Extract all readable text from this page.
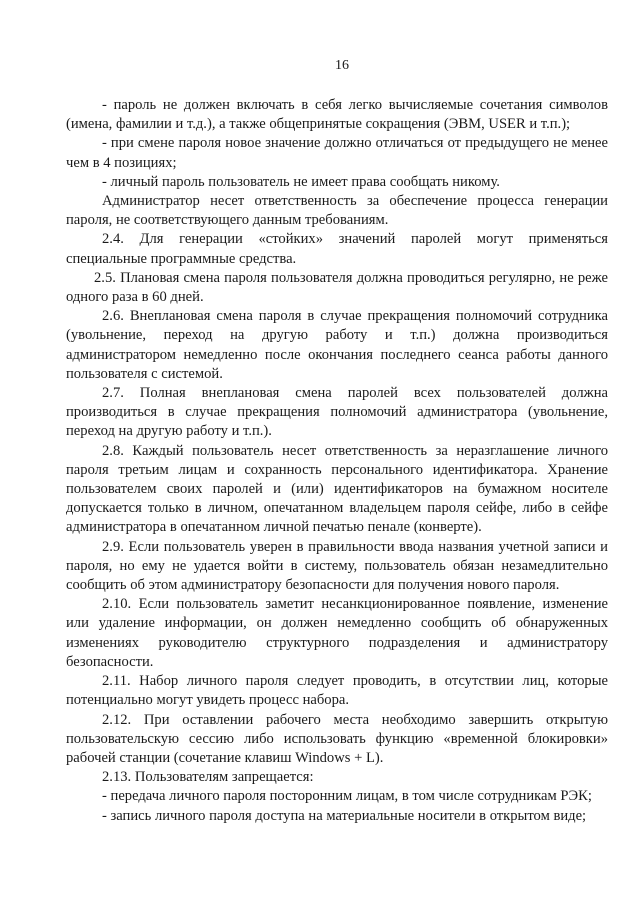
16

- пароль не должен включать в себя легко вычисляемые сочетания символов (имена, фамилии и т.д.), а также общепринятые сокращения (ЭВМ, USER и т.п.);

- при смене пароля новое значение должно отличаться от предыдущего не менее чем в 4 позициях;

- личный пароль пользователь не имеет права сообщать никому.

Администратор несет ответственность за обеспечение процесса генерации пароля, не соответствующего данным требованиям.

2.4. Для генерации «стойких» значений паролей могут применяться специальные программные средства.

2.5. Плановая смена пароля пользователя должна проводиться регулярно, не реже одного раза в 60 дней.

2.6. Внеплановая смена пароля в случае прекращения полномочий сотрудника (увольнение, переход на другую работу и т.п.) должна производиться администратором немедленно после окончания последнего сеанса работы данного пользователя с системой.

2.7. Полная внеплановая смена паролей всех пользователей должна производиться в случае прекращения полномочий администратора (увольнение, переход на другую работу и т.п.).

2.8. Каждый пользователь несет ответственность за неразглашение личного пароля третьим лицам и сохранность персонального идентификатора. Хранение пользователем своих паролей и (или) идентификаторов на бумажном носителе допускается только в личном, опечатанном владельцем пароля сейфе, либо в сейфе администратора в опечатанном личной печатью пенале (конверте).

2.9. Если пользователь уверен в правильности ввода названия учетной записи и пароля, но ему не удается войти в систему, пользователь обязан незамедлительно сообщить об этом администратору безопасности для получения нового пароля.

2.10. Если пользователь заметит несанкционированное появление, изменение или удаление информации, он должен немедленно сообщить об обнаруженных изменениях руководителю структурного подразделения и администратору безопасности.

2.11. Набор личного пароля следует проводить, в отсутствии лиц, которые потенциально могут увидеть процесс набора.

2.12. При оставлении рабочего места необходимо завершить открытую пользовательскую сессию либо использовать функцию «временной блокировки» рабочей станции (сочетание клавиш Windows + L).

2.13. Пользователям запрещается:

- передача личного пароля посторонним лицам, в том числе сотрудникам РЭК;

- запись личного пароля доступа на материальные носители в открытом виде;
